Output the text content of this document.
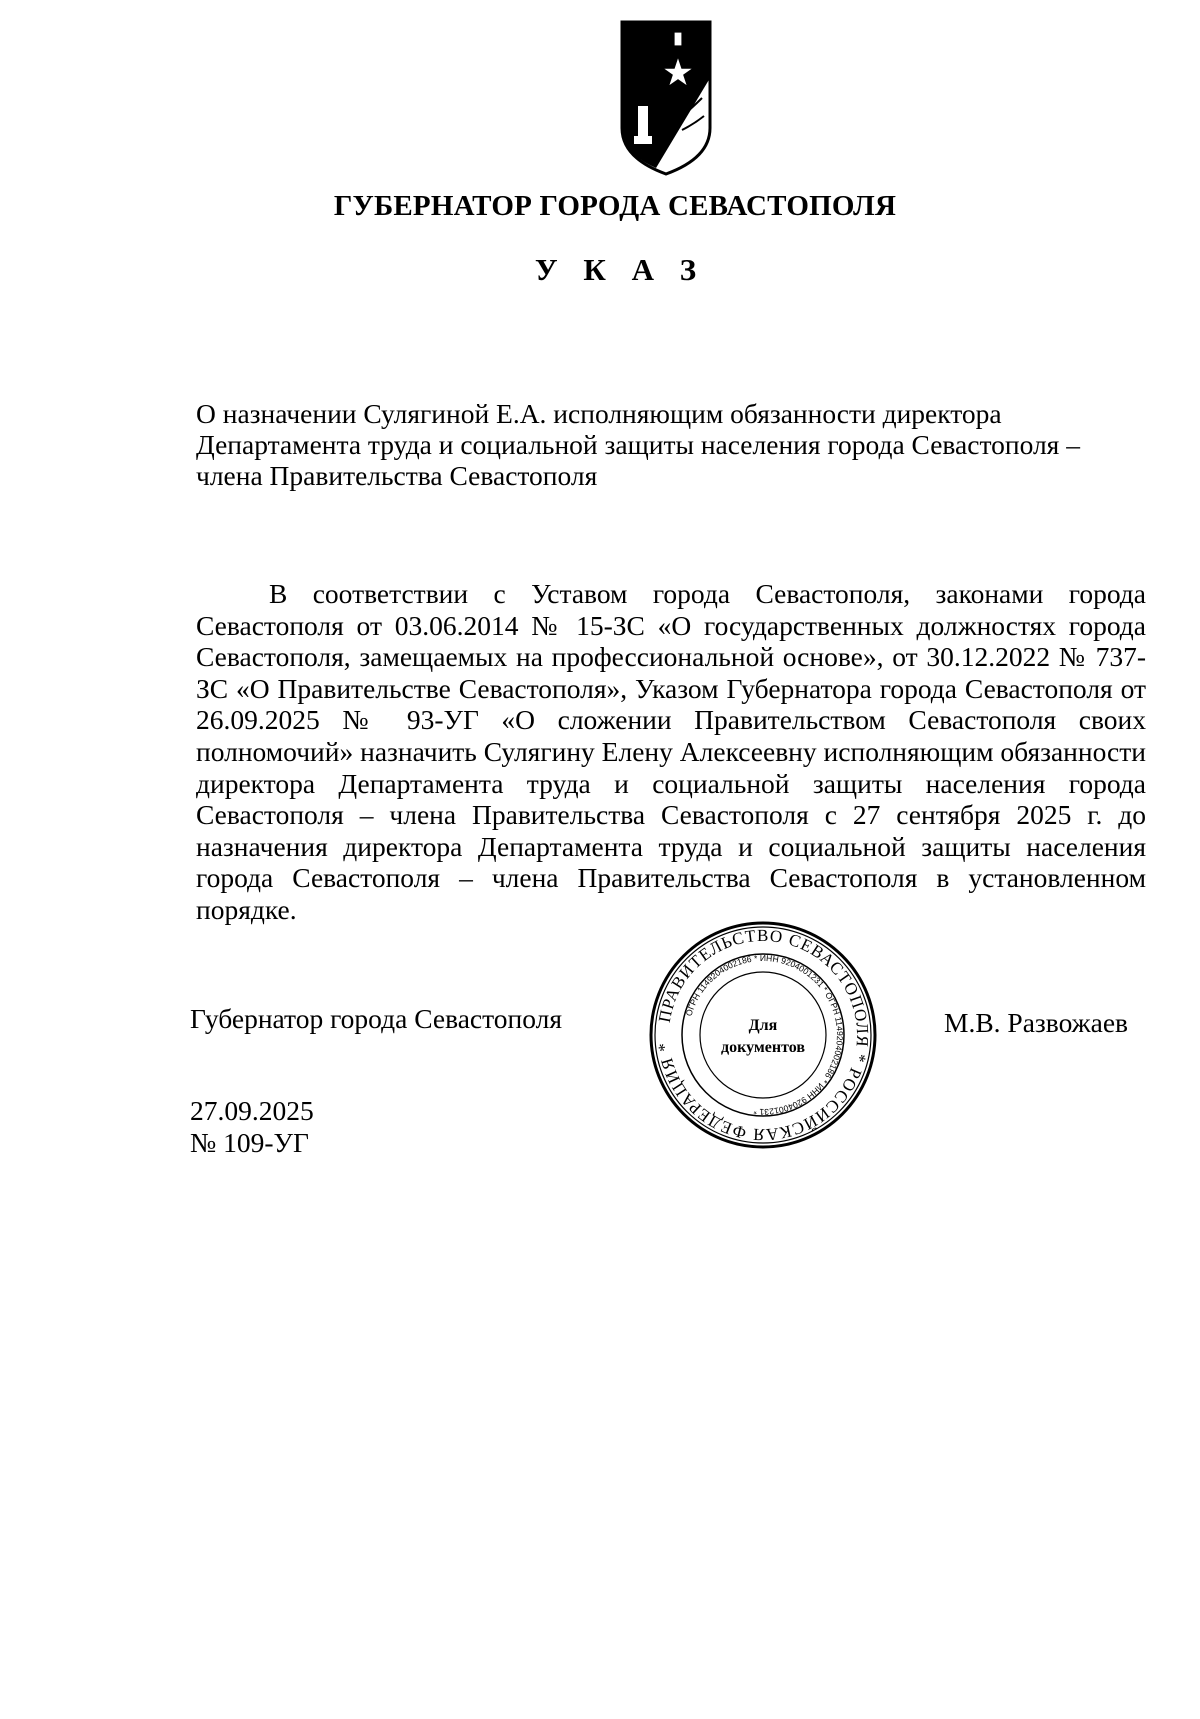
ГУБЕРНАТОР ГОРОДА СЕВАСТОПОЛЯ
У К А З
О назначении Сулягиной Е.А. исполняющим обязанности директора
Департамента труда и социальной защиты населения города Севастополя –
члена Правительства Севастополя
В соответствии с Уставом города Севастополя, законами города Севастополя от 03.06.2014 № 15-ЗС «О государственных должностях города Севастополя, замещаемых на профессиональной основе», от 30.12.2022 № 737-ЗС «О Правительстве Севастополя», Указом Губернатора города Севастополя от 26.09.2025 № 93-УГ «О сложении Правительством Севастополя своих полномочий» назначить Сулягину Елену Алексеевну исполняющим обязанности директора Департамента труда и социальной защиты населения города Севастополя – члена Правительства Севастополя с 27 сентября 2025 г. до назначения директора Департамента труда и социальной защиты населения города Севастополя – члена Правительства Севастополя в установленном порядке.
Губернатор города Севастополя	ПРАВИТЕЛЬСТВО СЕВАСТОПОЛЯ * РОССИЙСКАЯ ФЕДЕРАЦИЯ *
ОГРН 1149204002186 * ИНН 9204001231 * ОГРН 1149204002186 * ИНН 9204001231 *
Для
документов
М.В. Развожаев
27.09.2025
№ 109-УГ
